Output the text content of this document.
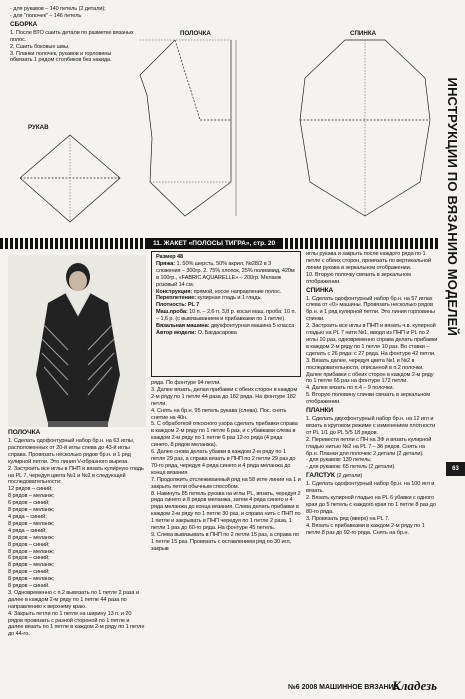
- для рукавов – 140 петель (2 детали);

- для "полочек" – 146 петель

СБОРКА

1. Послe ВТО сшить детали по разметке вязаных полос.

2. Сшить боковые швы.

3. Планки полочек, рукавов и горловины обвязать 1 рядом столбиков без накида.

ПОЛОЧКА	СПИНКА
РУКАВ	ИНСТРУКЦИИ ПО ВЯЗАНИЮ МОДЕЛЕЙ
11. ЖАКЕТ «ПОЛОСЫ ТИГРА», стр. 20

Размер 48

Пряжа: 1. 50% шерсть, 50% акрил, №28/2 в 3 сложения – 300гр. 2. 75% хлопок, 25% полиамид, 420м в 100гр., «FABRIC AQUARELLE» – 200гр. Меланж розовый 14 см.

Конструкция: прямой, косое направление полос.

Переплетение: кулирная гладь и 1 гладь.

Плотность: PL 7

Маш.проба: 10 п. – 2,6 п. 3,8 р. косая маш. проба: 10 п. – 1,6 р. (с вывязыванием и прибавками по 1 петле).

Вязальная машина: двухфонтурная машина 5 класса

Автор модели: О. Багдасарова

ПОЛОЧКА

1. Сделать одофонтурный набор бр.н. на 63 иглы, расположенных от 20-й иглы слева до 43-й иглы справа. Провязать несколько рядов бр.н. и 1 ряд кулирной петли. Это линия V-образного выреза.

2. Застроить все иглы в ПНП и вязать кулирную гладь на PL 7, чередуя цвета №1 и №2 в следующей последовательности:

12 рядов – синий;

8 рядов – меланж;

6 рядов – синий;

8 рядов – меланж;

4 ряда – синий;

8 рядов – меланж;

4 ряда – синий;

8 рядов – меланж;

8 рядов – синий;

8 рядов – меланж;

6 рядов – синий;

8 рядов – меланж;

8 рядов – синий;

8 рядов – меланж;

8 рядов – синий.

3. Одновременно с п.2 вывязать по 1 петле 2 раза и далее в каждом 2-м ряду по 1 петле 44 раза по направлению к верхнему краю.

4. Закрыть петли по 1 петле на ширину 13 п. и 20 рядов провязать с разной стороной по 1 петле и далее вязать по 1 петле в каждом 2-м ряду по 1 петле до 44-го.

ряда. По фонтуре 94 петли.

3. Далее вязать, делая прибавки с обеих сторон в каждом 2-м ряду по 1 петле 44 раза до 182 ряда. На фонтуре 182 петли.

4. Снять на бр.н. 95 петель рукава (слева). Пос. снять снятие на 40н.

5. С обработкой откосного узора сделать прибавки справа в каждом 2-м ряду по 1 петле 6 раз, и с убавками слева в каждом 2-м ряду по 1 петле 6 раз 12-го ряда (4 ряда синего, 8 рядов меланжа).

6. Далее снова делать убавки в каждом 2-м ряду по 1 петле 29 раз, а справа вязать в ПНП по 2 петли 29 раз до 70-го ряда, чередуя 4 ряда синего и 4 ряда меланжа до конца вязания.

7. Продолжить отслеживаемый ряд на 58 игле линии на 1 и закрыть петли обычным способом.

8. Накинуть 85 петель рукава на иглы PL, вязать, чередуя 2 ряда синего и 8 рядов меланжа, затем 4 ряда синего и 4 ряда меланжа до конца вязания. Слева делать прибавки в каждом 2-м ряду по 1 петле 30 раз, и справа нить с ПНП по 1 петле и закрывать в ПНП чередуя по 1 петле 2 раза, 1 петли 1 раз до 60-го ряда. На фонтуре 45 петель.

9. Слева вывязывать в ПНП по 2 петли 15 раз, а справа по 1 петле 15 раз. Провязать с оставлением ряд по 30 игл, закрыв

иглы рукава и закрыть после каждого ряда по 1 петле с обеих сторон, провязать по вертикальной линии рукава в зеркальном отображении.

10. Вторую полочку связать в зеркальном отображении.

СПИНКА

1. Сделать одофонтурный набор бр.н. на 57 иглах слева от «0» машины. Провязать несколько рядов бр.н. и 1 ряд кулирной петли. Это линия горловины спинки.

2. Застроить все иглы в ПНП и вязать ч.в. кулирной гладью на PL 7 нити №1, вводя из ПНП и PL по 2 иглы 10 раз, одновременно справа делать прибавки в каждом 2-м ряду по 1 петле 10 раз. Во ставки – сделать с 26 ряда: с 27 ряда. На фонтуре 42 петли.

3. Вязать далее, чередуя цвета №1 и №2 в последовательности, описанной в п.2 полочки. Далее прибавки с обеих сторон в каждом 2-м ряду по 1 петле 65 раз на фонтуре 172 петли.

4. Далее вязать по п.4 – 9 полочки.

5. Вторую половину спинки связать в зеркальном отображении.

ПЛАНКИ

1. Сделать двухфонтурный набор бр.н. на 12 игл и вязать в круговом режиме с изменением плотности от PL 1/1 до PL 5/5 18 рядов.

2. Перевести петли с ПН на ЗФ и вязать кулирной гладью нитью №2 на PL 7 – 36 рядов. Снять на бр.н. Планки для полочек: 2 детали (2 детали).

- для рукавов: 130 петель;

- для рукавов: 65 петель (2 детали).

ГАЛСТУК (2 детали)

1. Сделать одофонтурный набор бр.н. на 100 игл и вязать.

2. Вязать кулирной гладью на PL 6 убавки с одного края до 5 петель с каждого края по 1 петле 8 раз до 80-го ряда.

3. Провязать ряд (вверх) на PL 7.

4. Вязать с прибавками в каждом 2-м ряду по 1 петле 8 раз до 92-го ряда. Снять на бр.н.

63
№6 2008 МАШИННОЕ ВЯЗАНИЕ
Кладезь
